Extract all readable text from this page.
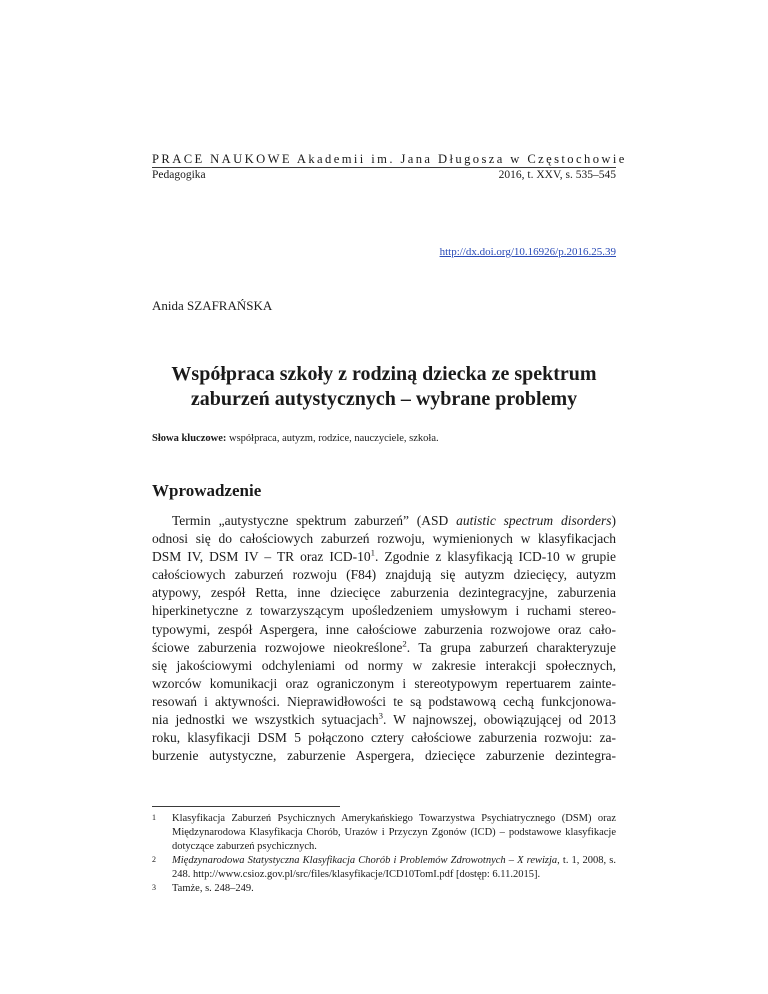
PRACE NAUKOWE Akademii im. Jana Długosza w Częstochowie
Pedagogika	2016, t. XXV, s. 535–545
http://dx.doi.org/10.16926/p.2016.25.39
Anida SZAFRAŃSKA
Współpraca szkoły z rodziną dziecka ze spektrum
zaburzeń autystycznych – wybrane problemy
Słowa kluczowe: współpraca, autyzm, rodzice, nauczyciele, szkoła.
Wprowadzenie
Termin „autystyczne spektrum zaburzeń” (ASD autistic spectrum disorders)
odnosi się do całościowych zaburzeń rozwoju, wymienionych w klasyfikacjach
DSM IV, DSM IV – TR oraz ICD-$10^1$. Zgodnie z klasyfikacją ICD-10 w grupie
całościowych zaburzeń rozwoju (F84) znajdują się autyzm dziecięcy, autyzm
atypowy, zespół Retta, inne dziecięce zaburzenia dezintegracyjne, zaburzenia
hiperkinetyczne z towarzyszącym upośledzeniem umysłowym i ruchami stereo-
typowymi, zespół Aspergera, inne całościowe zaburzenia rozwojowe oraz cało-
ściowe zaburzenia rozwojowe nieokreślone$^2$. Ta grupa zaburzeń charakteryzuje
się jakościowymi odchyleniami od normy w zakresie interakcji społecznych,
wzorców komunikacji oraz ograniczonym i stereotypowym repertuarem zainte-
resowań i aktywności. Nieprawidłowości te są podstawową cechą funkcjonowa-
nia jednostki we wszystkich sytuacjach$^3$. W najnowszej, obowiązującej od 2013
roku, klasyfikacji DSM 5 połączono cztery całościowe zaburzenia rozwoju: za-
burzenie autystyczne, zaburzenie Aspergera, dziecięce zaburzenie dezintegra-
1	Klasyfikacja Zaburzeń Psychicznych Amerykańskiego Towarzystwa Psychiatrycznego (DSM) oraz Międzynarodowa Klasyfikacja Chorób, Urazów i Przyczyn Zgonów (ICD) – podstawowe klasyfikacje dotyczące zaburzeń psychicznych.
2	Międzynarodowa Statystyczna Klasyfikacja Chorób i Problemów Zdrowotnych – X rewizja, t. 1, 2008, s. 248. http://www.csioz.gov.pl/src/files/klasyfikacje/ICD10TomI.pdf [dostęp: 6.11.2015].
3	Tamże, s. 248–249.
